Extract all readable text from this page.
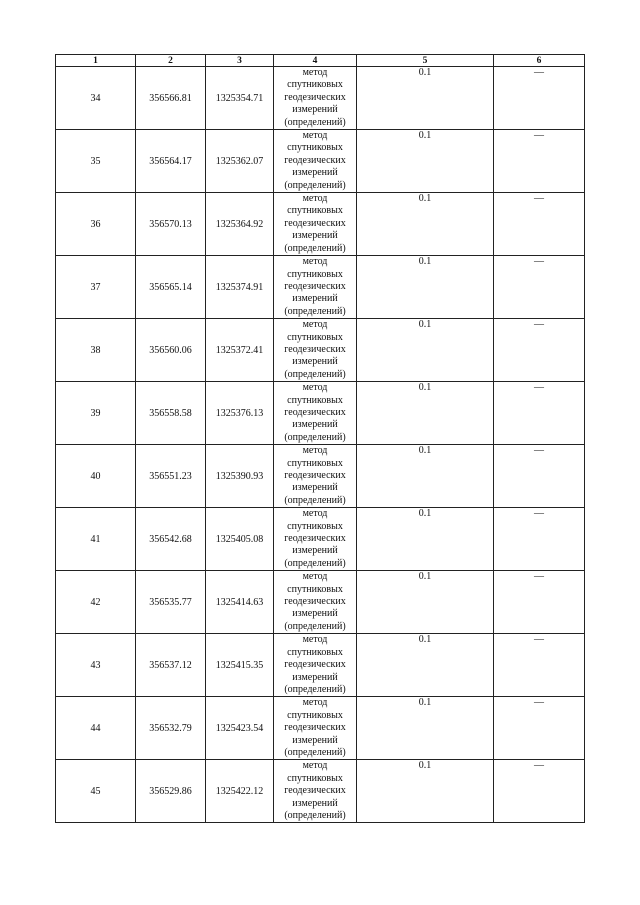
1	2	3	4	5	6
34	356566.81	1325354.71	метод
спутниковых
геодезических
измерений
(определений)	0.1	—
35	356564.17	1325362.07	метод
спутниковых
геодезических
измерений
(определений)	0.1	—
36	356570.13	1325364.92	метод
спутниковых
геодезических
измерений
(определений)	0.1	—
37	356565.14	1325374.91	метод
спутниковых
геодезических
измерений
(определений)	0.1	—
38	356560.06	1325372.41	метод
спутниковых
геодезических
измерений
(определений)	0.1	—
39	356558.58	1325376.13	метод
спутниковых
геодезических
измерений
(определений)	0.1	—
40	356551.23	1325390.93	метод
спутниковых
геодезических
измерений
(определений)	0.1	—
41	356542.68	1325405.08	метод
спутниковых
геодезических
измерений
(определений)	0.1	—
42	356535.77	1325414.63	метод
спутниковых
геодезических
измерений
(определений)	0.1	—
43	356537.12	1325415.35	метод
спутниковых
геодезических
измерений
(определений)	0.1	—
44	356532.79	1325423.54	метод
спутниковых
геодезических
измерений
(определений)	0.1	—
45	356529.86	1325422.12	метод
спутниковых
геодезических
измерений
(определений)	0.1	—
